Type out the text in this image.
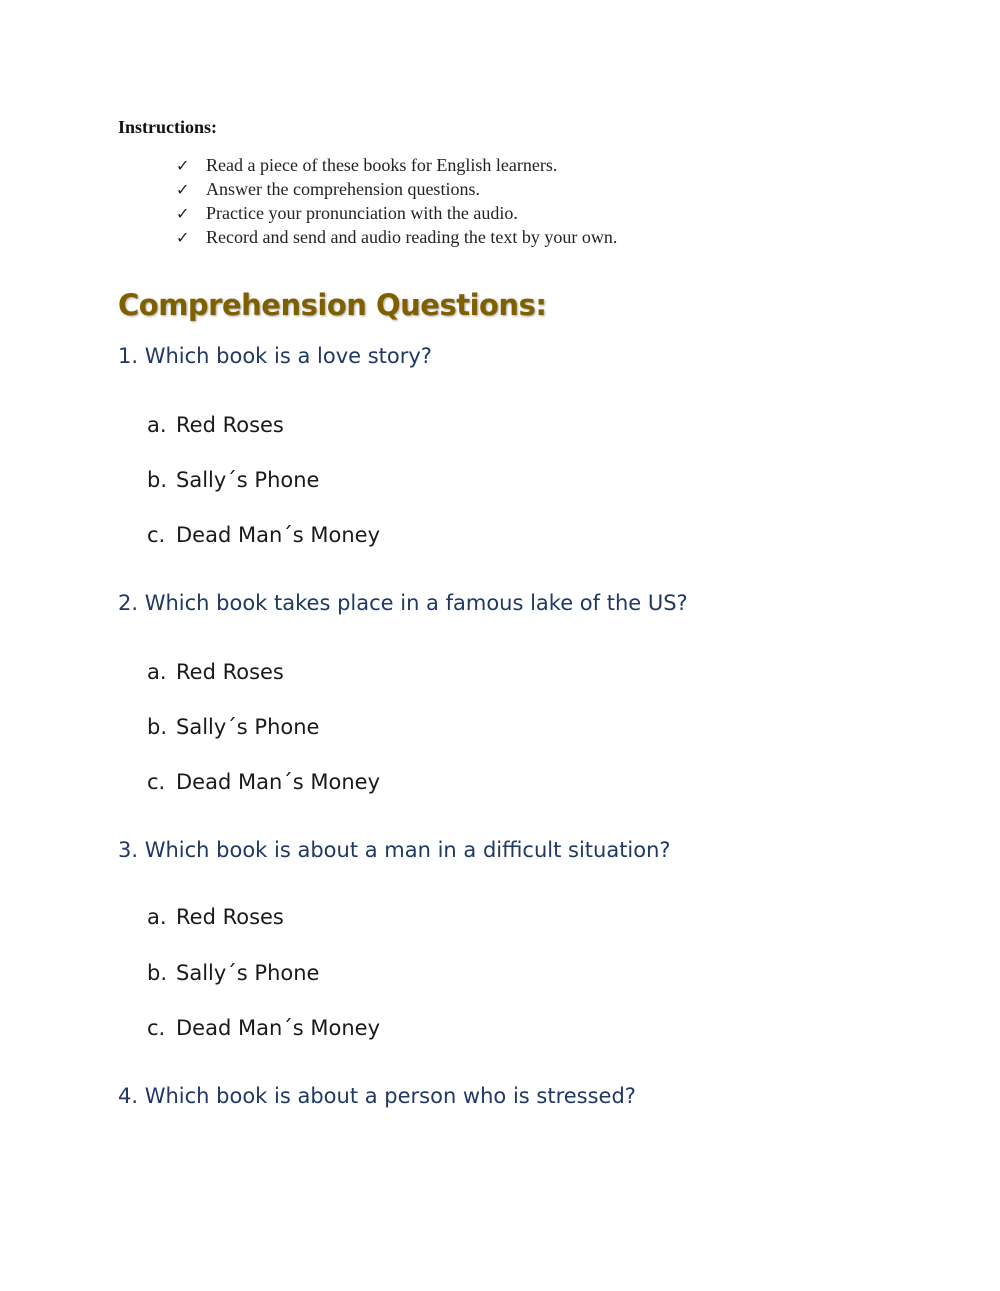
Instructions:
✓ Read a piece of these books for English learners.
✓ Answer the comprehension questions.
✓ Practice your pronunciation with the audio.
✓ Record and send and audio reading the text by your own.
Comprehension Questions:
1. Which book is a love story?
a. Red Roses
b. Sally´s Phone
c. Dead Man´s Money
2. Which book takes place in a famous lake of the US?
a. Red Roses
b. Sally´s Phone
c. Dead Man´s Money
3. Which book is about a man in a difficult situation?
a. Red Roses
b. Sally´s Phone
c. Dead Man´s Money
4. Which book is about a person who is stressed?
